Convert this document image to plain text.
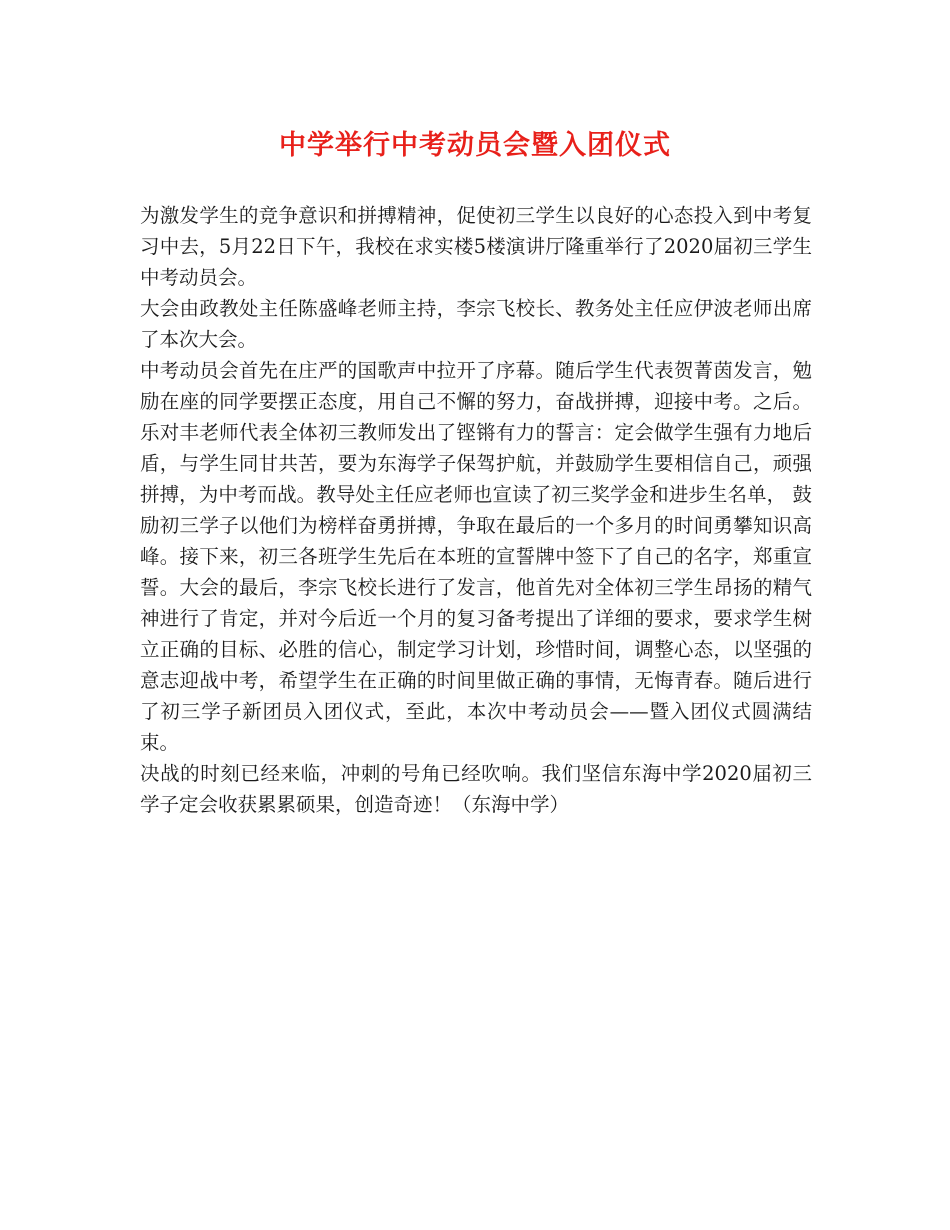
中学举行中考动员会暨入团仪式

为激发学生的竞争意识和拼搏精神，促使初三学生以良好的心态投入到中考复习中去，5月22日下午，我校在求实楼5楼演讲厅隆重举行了2020届初三学生中考动员会。

大会由政教处主任陈盛峰老师主持，李宗飞校长、教务处主任应伊波老师出席了本次大会。

中考动员会首先在庄严的国歌声中拉开了序幕。随后学生代表贺菁茵发言，勉励在座的同学要摆正态度，用自己不懈的努力，奋战拼搏，迎接中考。之后。乐对丰老师代表全体初三教师发出了铿锵有力的誓言：定会做学生强有力地后盾，与学生同甘共苦，要为东海学子保驾护航，并鼓励学生要相信自己，顽强拼搏，为中考而战。教导处主任应老师也宣读了初三奖学金和进步生名单， 鼓励初三学子以他们为榜样奋勇拼搏，争取在最后的一个多月的时间勇攀知识高峰。接下来，初三各班学生先后在本班的宣誓牌中签下了自己的名字，郑重宣誓。大会的最后，李宗飞校长进行了发言，他首先对全体初三学生昂扬的精气神进行了肯定，并对今后近一个月的复习备考提出了详细的要求，要求学生树立正确的目标、必胜的信心，制定学习计划，珍惜时间，调整心态，以坚强的意志迎战中考，希望学生在正确的时间里做正确的事情，无悔青春。随后进行了初三学子新团员入团仪式，至此，本次中考动员会——暨入团仪式圆满结束。

决战的时刻已经来临，冲刺的号角已经吹响。我们坚信东海中学2020届初三学子定会收获累累硕果，创造奇迹！（东海中学）
